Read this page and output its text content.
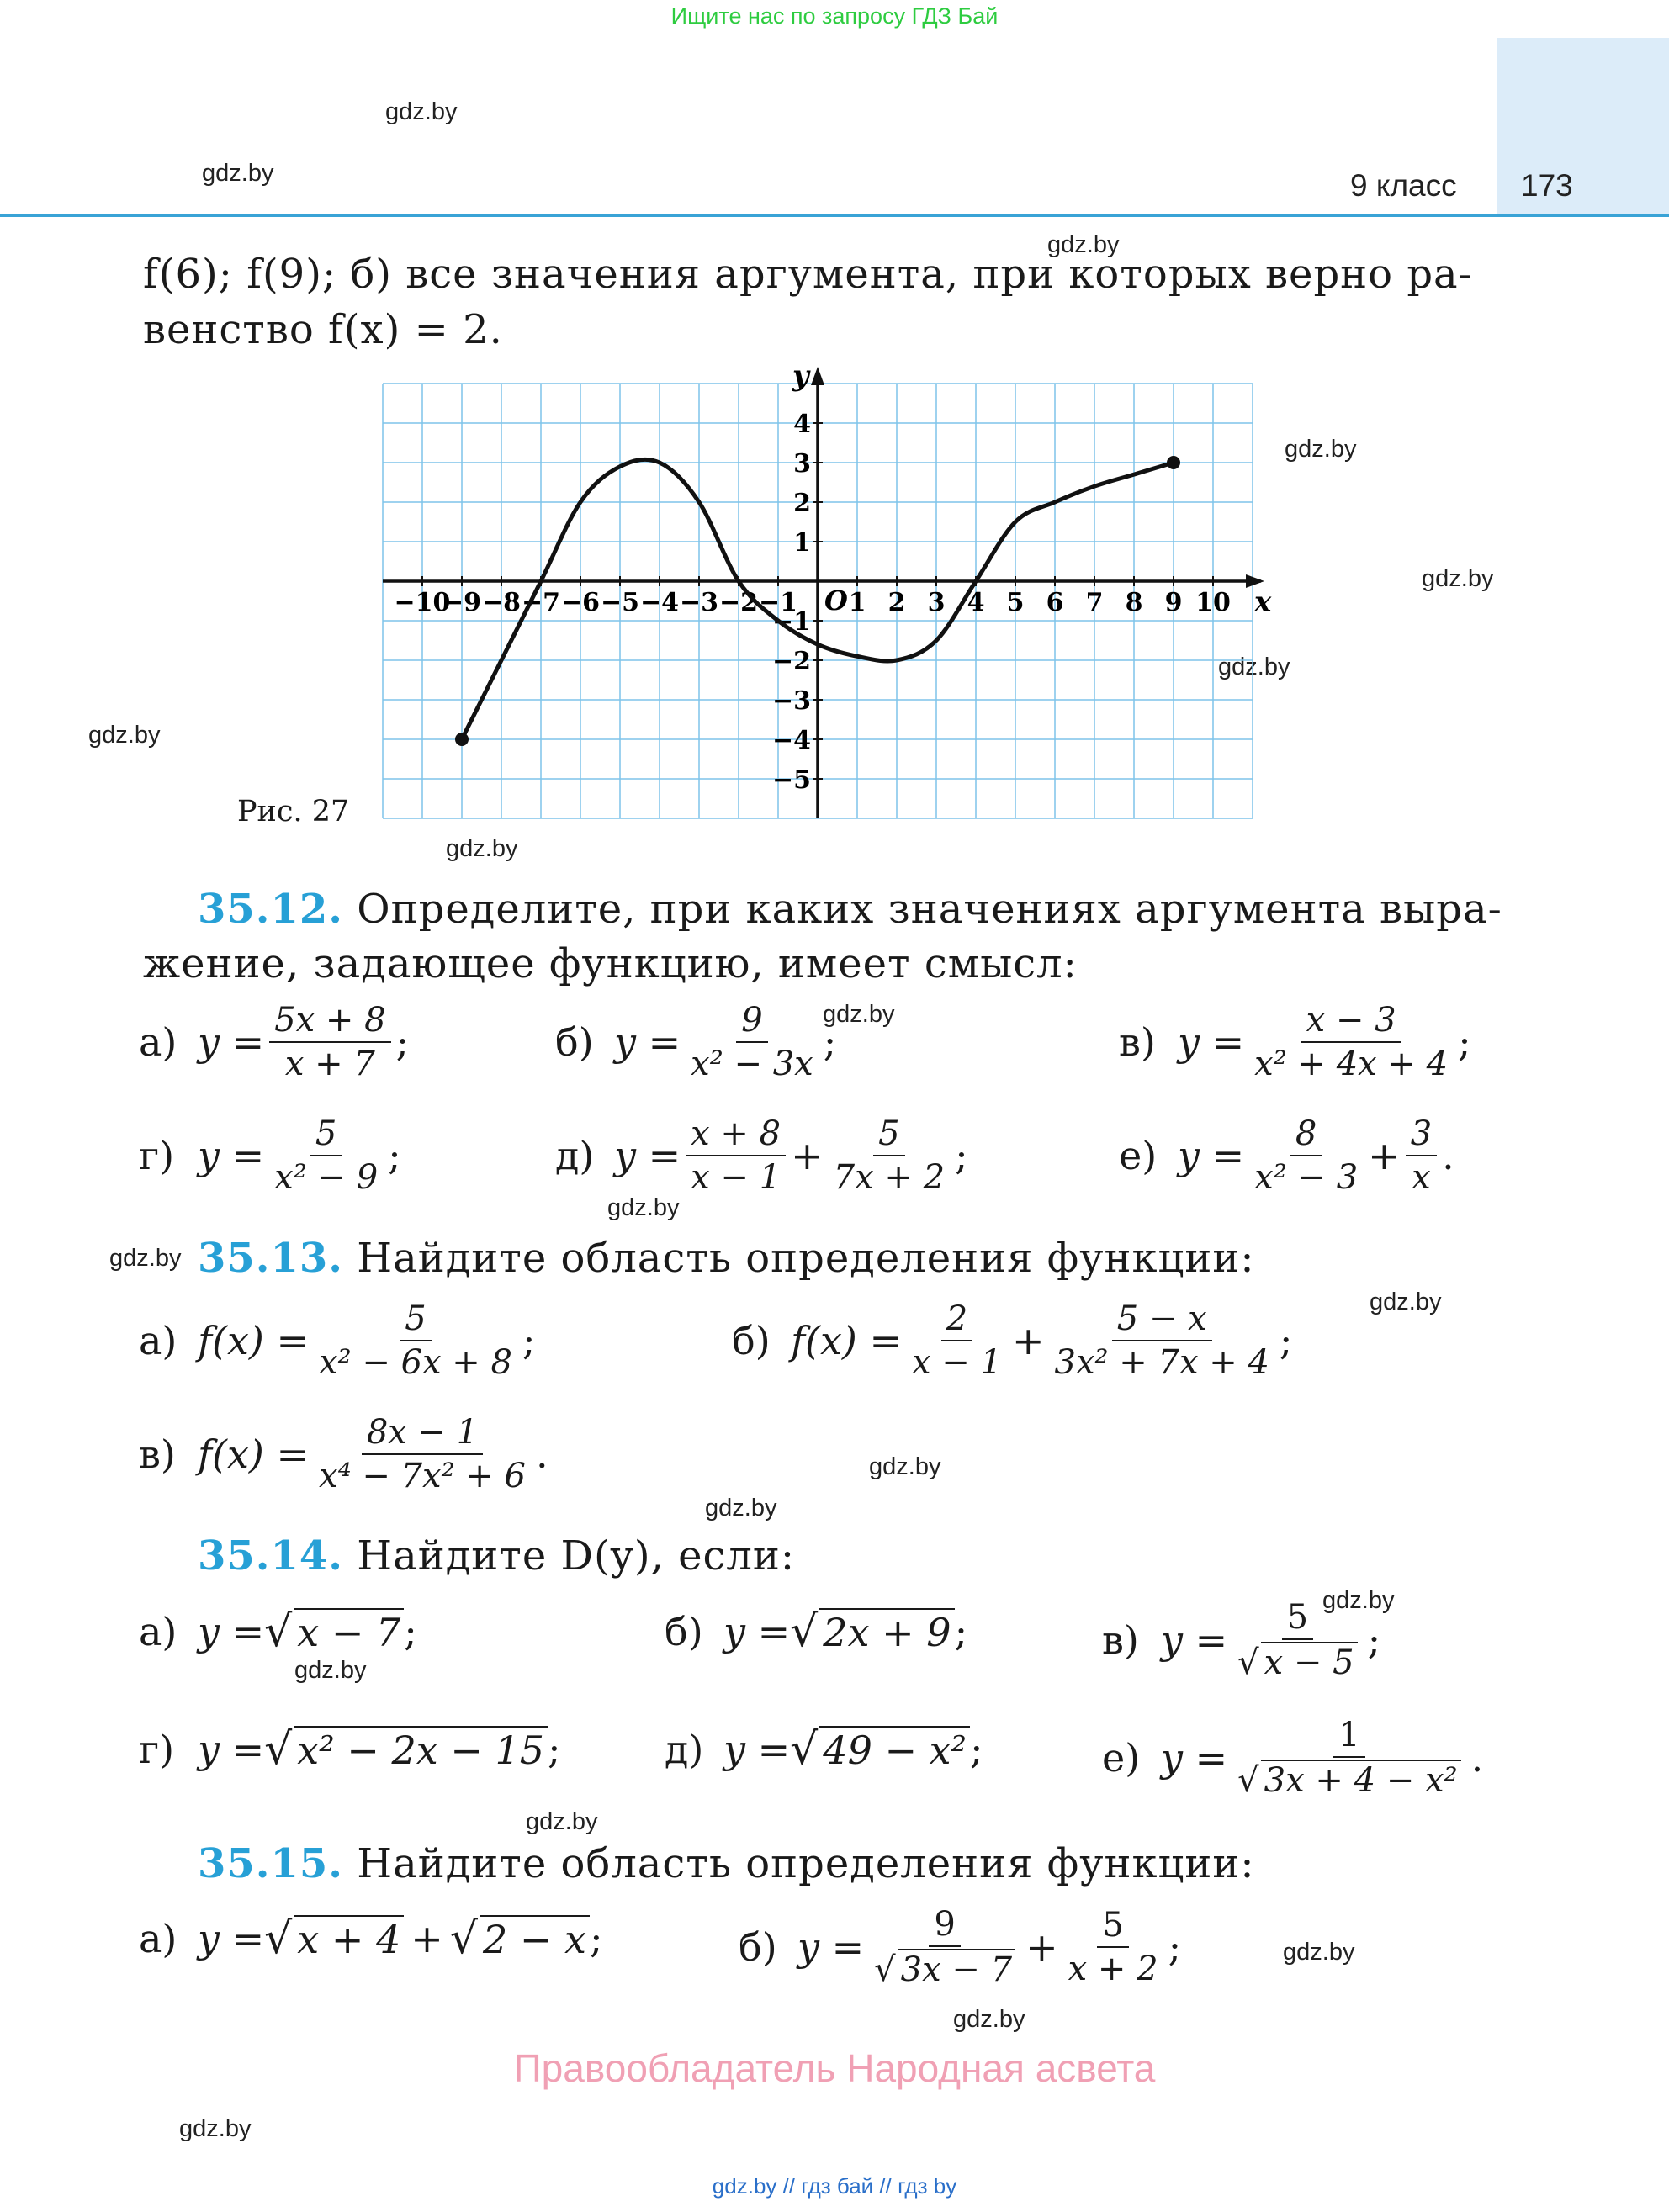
Ищите нас по запросу ГДЗ Бай
9 класс 173
gdz.by
gdz.by
gdz.by
gdz.by
gdz.by
gdz.by
gdz.by
gdz.by
gdz.by
gdz.by
gdz.by
gdz.by
gdz.by
gdz.by
gdz.by
gdz.by
gdz.by
gdz.by
gdz.by
gdz.by
f(6); f(9); б) все значения аргумента, при которых верно ра-
венство f(x) = 2.
−10
−9 −8 −7 −6 −5 −4 −3 −2 −1 1 2 3 4 5 6 7 8 9 10
4
3
2
1
−1
−2
−3
−4
−5
x
y
O
Рис. 27
35.12. Определите, при каких значениях аргумента выра-
жение, задающее функцию, имеет смысл:
а) $y = \frac{5x + 8}{x + 7}$ ;	б) $y = \frac{9}{\text{x² − 3x}}$ ;	в) $y = \frac{x - 3}{\text{x² + 4x + 4}}$ ;
г) $y = \frac{5}{\text{x² − 9}}$ ;	д) $y = \frac{x + 8}{x - 1} + \frac{5}{7x + 2}$ ;	е) $y = \frac{8}{\text{x² − 3}} + \frac{3}{x}$ .
35.13. Найдите область определения функции:
а) $f(x) = \frac{5}{\text{x² − 6x + 8}}$ ;	б) $f(x) = \frac{2}{x - 1} + \frac{5 - x}{\text{3x² + 7x + 4}}$ ;
в) $f(x) = \frac{8x - 1}{\text{x⁴ − 7x² + 6}}$ .
35.14. Найдите D(y), если:
а) y = √ x − 7 ;	б) y = √ 2x + 9 ;	в) $y = \frac{5}{√ x - 5}$ ;
г) y = √ x² − 2x − 15 ;	д) y = √ 49 − x² ;	е) $y = \frac{1}{\text{√ 3x + 4 − x²}}$ .
35.15. Найдите область определения функции:
а) y = √ x + 4 + √ 2 − x ;	б) $y = \frac{9}{√ 3x - 7} + \frac{5}{x + 2}$ ;
Правообладатель Народная асвета
gdz.by // гдз бай // гдз by
